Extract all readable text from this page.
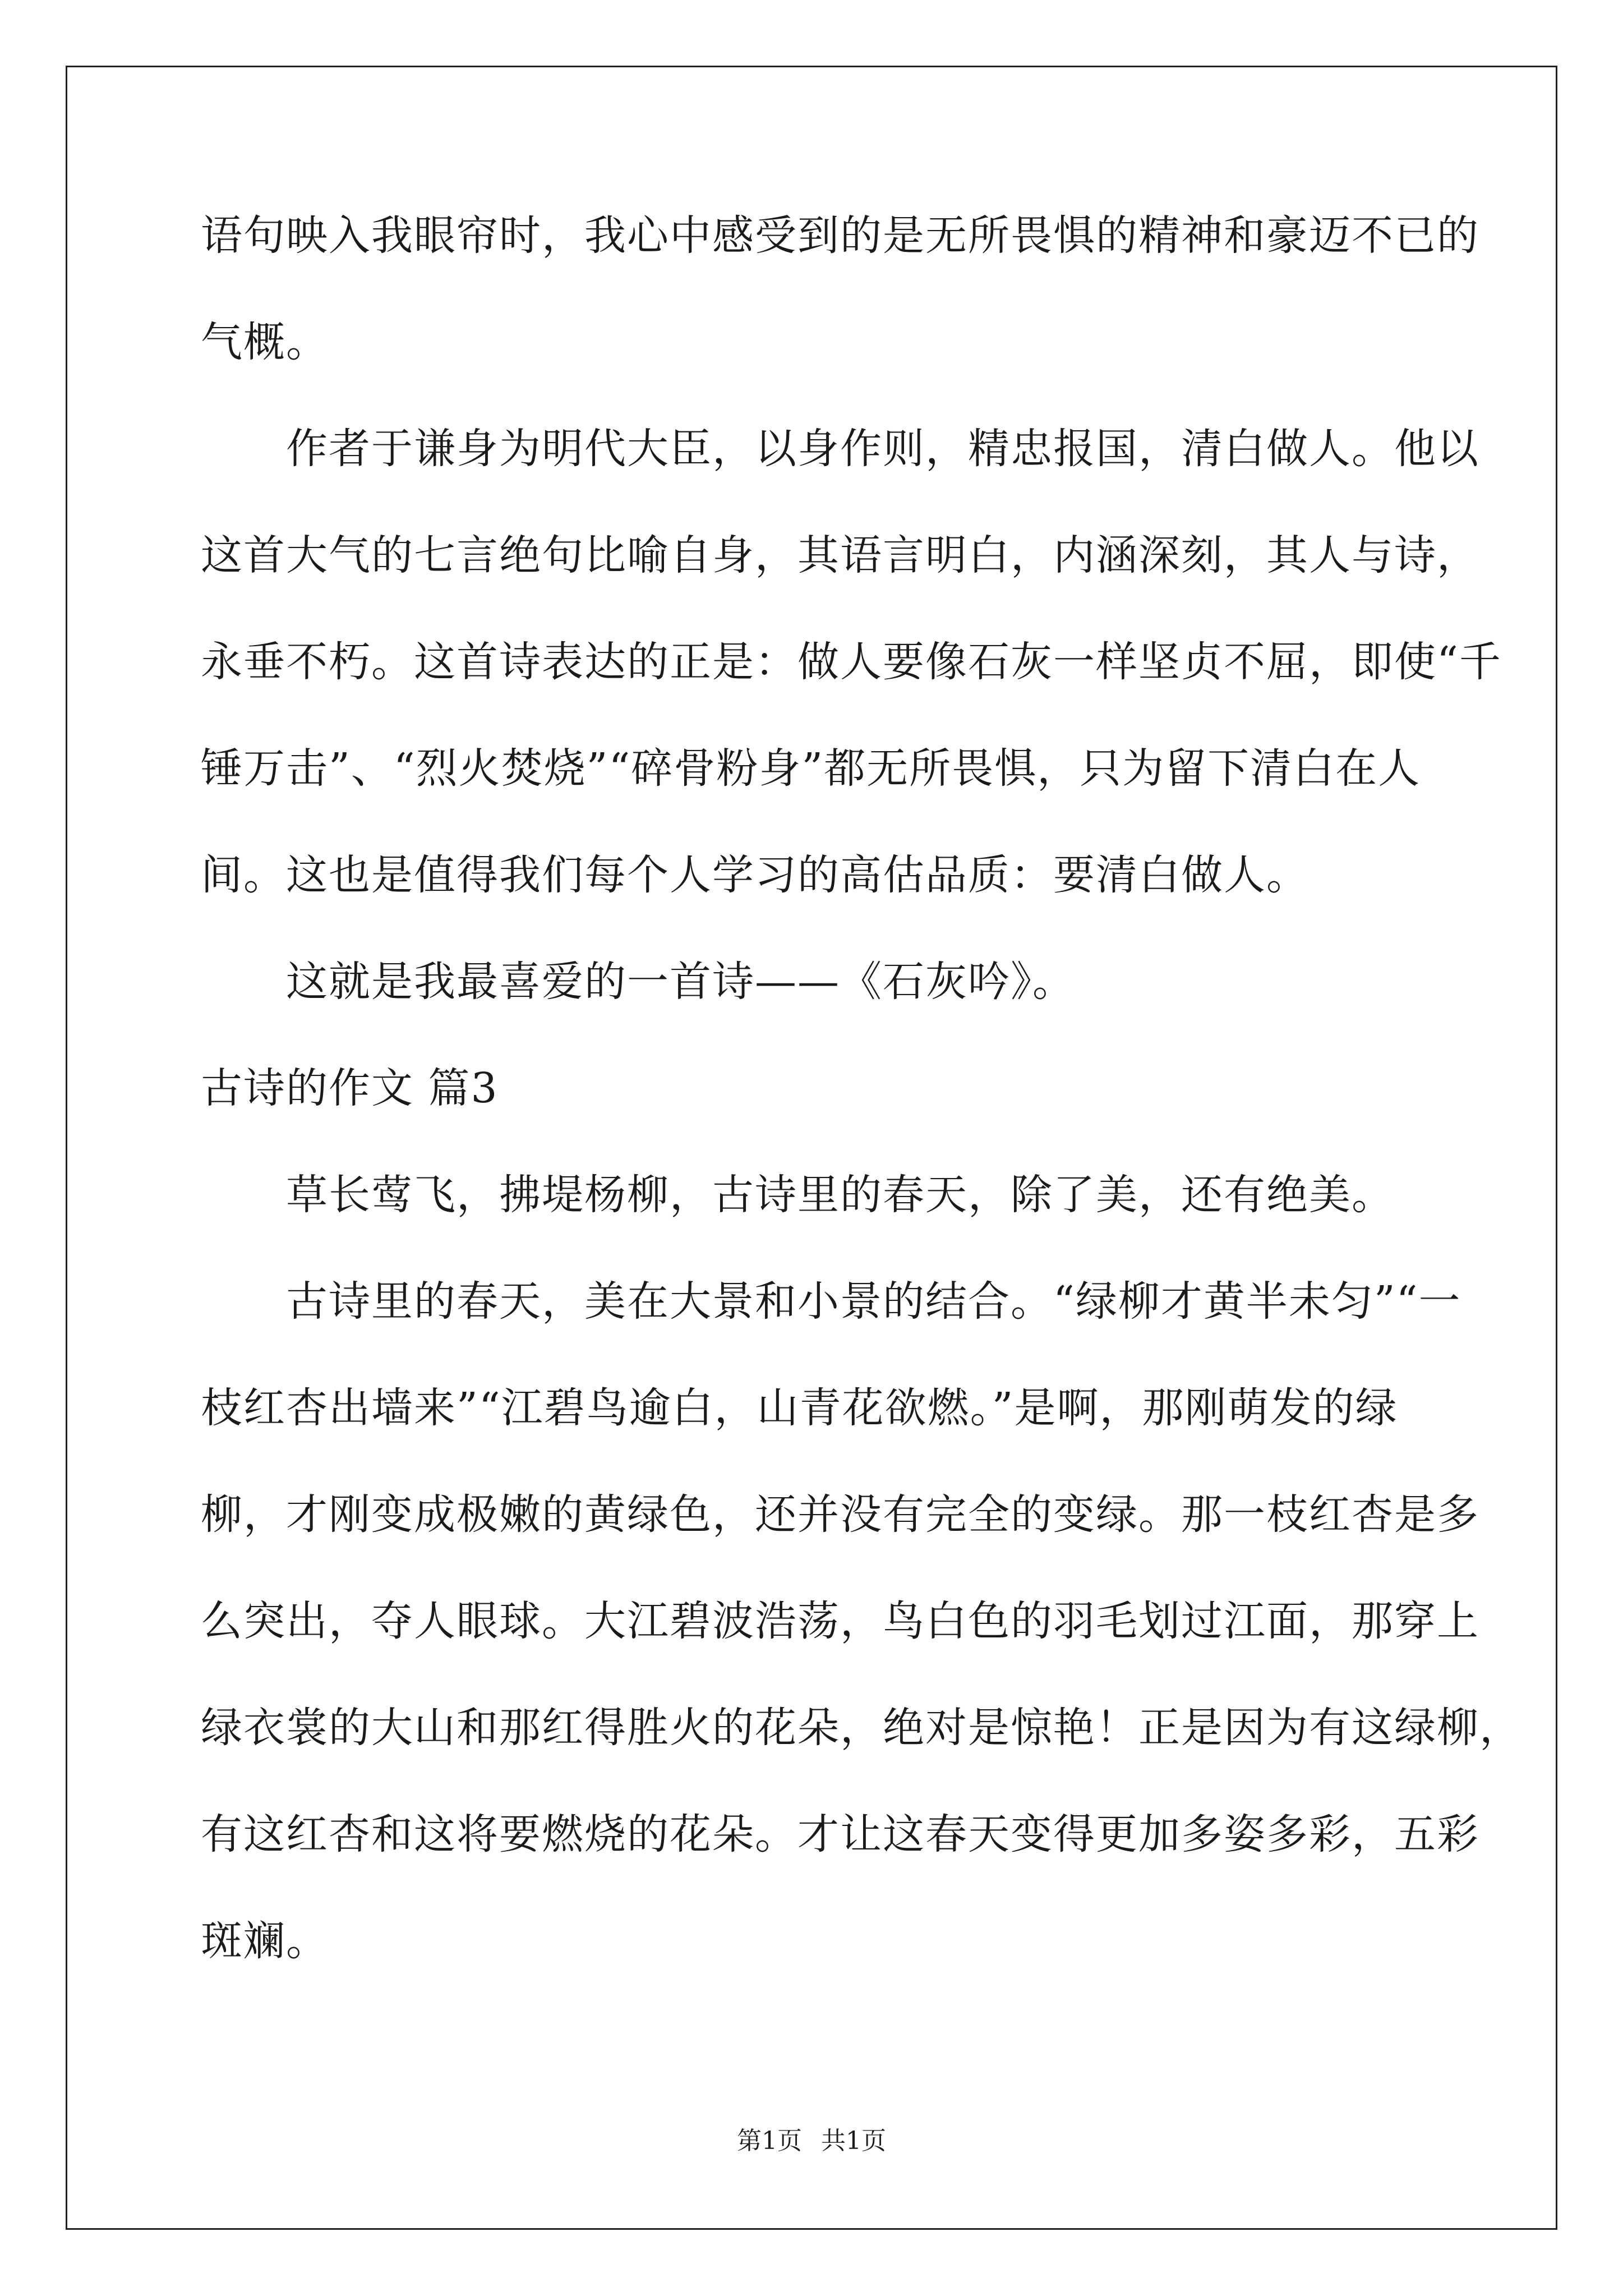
语句映入我眼帘时，我心中感受到的是无所畏惧的精神和豪迈不已的
气概。
作者于谦身为明代大臣，以身作则，精忠报国，清白做人。他以
这首大气的七言绝句比喻自身，其语言明白，内涵深刻，其人与诗，
永垂不朽。这首诗表达的正是：做人要像石灰一样坚贞不屈，即使“千
锤万击”、“烈火焚烧”“碎骨粉身”都无所畏惧，只为留下清白在人
间。这也是值得我们每个人学习的高估品质：要清白做人。
这就是我最喜爱的一首诗——《石灰吟》。
古诗的作文 篇3
草长莺飞，拂堤杨柳，古诗里的春天，除了美，还有绝美。
古诗里的春天，美在大景和小景的结合。“绿柳才黄半未匀”“一
枝红杏出墙来”“江碧鸟逾白，山青花欲燃。”是啊，那刚萌发的绿
柳，才刚变成极嫩的黄绿色，还并没有完全的变绿。那一枝红杏是多
么突出，夺人眼球。大江碧波浩荡，鸟白色的羽毛划过江面，那穿上
绿衣裳的大山和那红得胜火的花朵，绝对是惊艳！正是因为有这绿柳，
有这红杏和这将要燃烧的花朵。才让这春天变得更加多姿多彩，五彩
斑斓。
第1页 共1页
